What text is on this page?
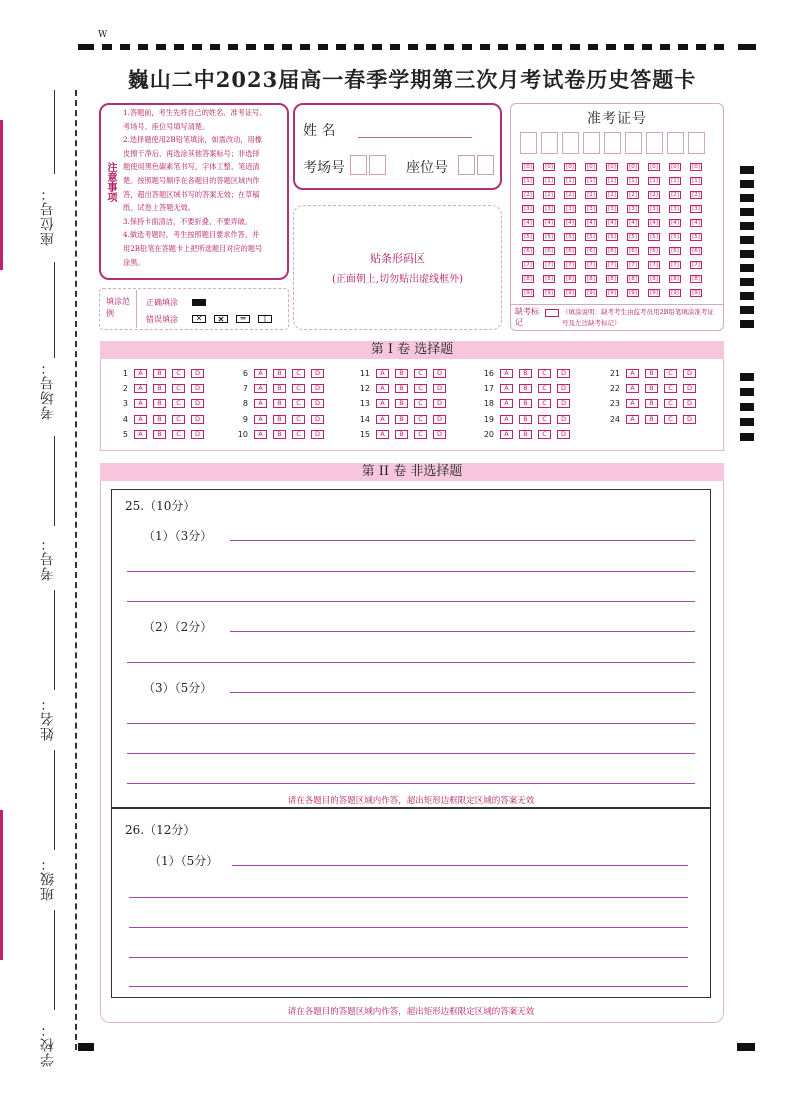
W
巍山二中2023届高一春季学期第三次月考试卷历史答题卡
座位号：
考场号：
考号：
姓名：
班级：
学校：
注意事项
1.答题前，考生先将自己的姓名、准考证号、
考场号、座位号填写清楚。
2.选择题使用2B铅笔填涂，如需改动，用橡
皮擦干净后，再选涂其他答案标号；非选择
题使用黑色碳素笔书写，字体工整、笔迹清
楚。按照题号顺序在各题目的答题区域内作
答，超出答题区域书写的答案无效；在草稿
纸、试卷上答题无效。
3.保持卡面清洁，不要折叠、不要弄破。
4.做选考题时，考生按照题目要求作答，并
用2B铅笔在答题卡上把所选题目对应的题号
涂黑。
填涂范例
正确填涂
错误填涂	✕	✕	═	|
姓 名
考场号	座位号
贴条形码区
(正面朝上,切勿贴出虚线框外)
准考证号
[0]	[0]	[0]	[0]	[0]	[0]	[0]	[0]	[0]
[1]	[1]	[1]	[1]	[1]	[1]	[1]	[1]	[1]
[2]	[2]	[2]	[2]	[2]	[2]	[2]	[2]	[2]
[3]	[3]	[3]	[3]	[3]	[3]	[3]	[3]	[3]
[4]	[4]	[4]	[4]	[4]	[4]	[4]	[4]	[4]
[5]	[5]	[5]	[5]	[5]	[5]	[5]	[5]	[5]
[6]	[6]	[6]	[6]	[6]	[6]	[6]	[6]	[6]
[7]	[7]	[7]	[7]	[7]	[7]	[7]	[7]	[7]
[8]	[8]	[8]	[8]	[8]	[8]	[8]	[8]	[8]
[9]	[9]	[9]	[9]	[9]	[9]	[9]	[9]	[9]
缺考标记
（填涂说明：缺考考生由监考员用2B铅笔填涂准考证号及左边缺考标记）
第 I 卷 选择题
1 A B C D
2 A B C D
3 A B C D
4 A B C D
5 A B C D
6 A B C D
7 A B C D
8 A B C D
9 A B C D
10 A B C D
11 A B C D
12 A B C D
13 A B C D
14 A B C D
15 A B C D
16 A B C D
17 A B C D
18 A B C D
19 A B C D
20 A B C D
21 A B C D
22 A B C D
23 A B C D
24 A B C D
第 II 卷 非选择题
25.（10分）
（1）（3分）
（2）（2分）
（3）（5分）
请在各题目的答题区域内作答，超出矩形边框限定区域的答案无效
26.（12分）
（1）（5分）
请在各题目的答题区域内作答，超出矩形边框限定区域的答案无效
